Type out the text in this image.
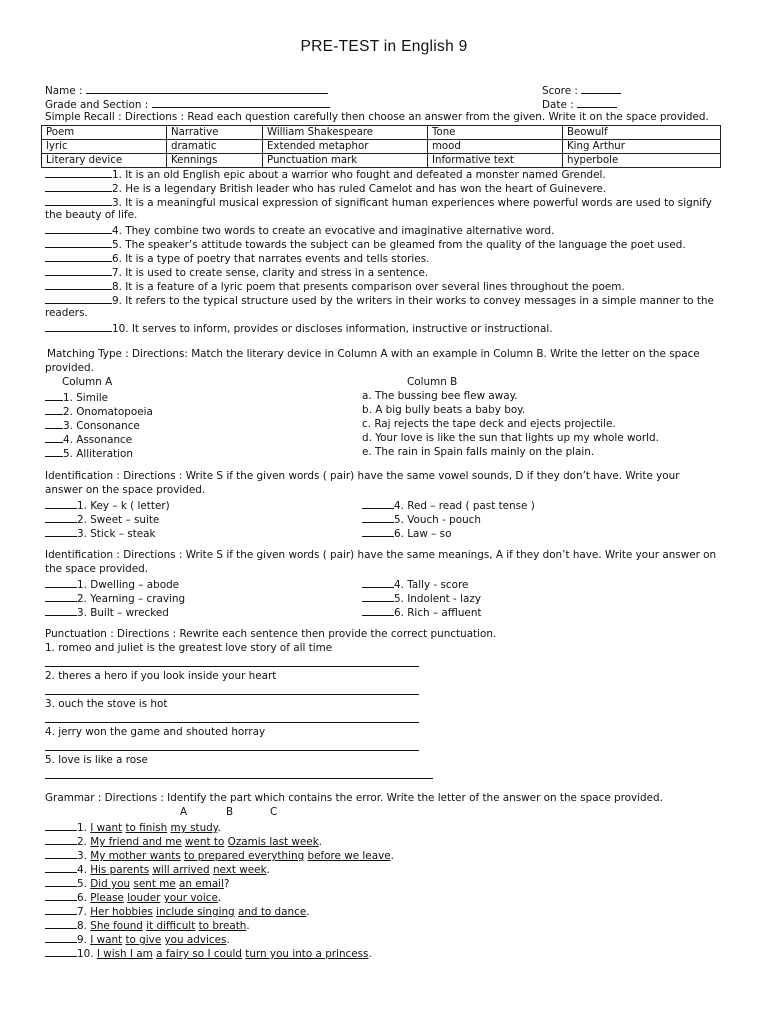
PRE-TEST in English 9
Name :
Grade and Section :
Score :
Date :
Simple Recall : Directions : Read each question carefully then choose an answer from the given. Write it on the space provided.
Poem	Narrative	William Shakespeare	Tone	Beowulf
lyric	dramatic	Extended metaphor	mood	King Arthur
Literary device	Kennings	Punctuation mark	Informative text	hyperbole
1. It is an old English epic about a warrior who fought and defeated a monster named Grendel.
2. He is a legendary British leader who has ruled Camelot and has won the heart of Guinevere.
3. It is a meaningful musical expression of significant human experiences where powerful words are used to signify
the beauty of life.
4. They combine two words to create an evocative and imaginative alternative word.
5. The speaker’s attitude towards the subject can be gleamed from the quality of the language the poet used.
6. It is a type of poetry that narrates events and tells stories.
7. It is used to create sense, clarity and stress in a sentence.
8. It is a feature of a lyric poem that presents comparison over several lines throughout the poem.
9. It refers to the typical structure used by the writers in their works to convey messages in a simple manner to the
readers.
10. It serves to inform, provides or discloses information, instructive or instructional.
Matching Type : Directions: Match the literary device in Column A with an example in Column B. Write the letter on the space
provided.
Column A	Column B
1. Simile	a. The bussing bee flew away.
2. Onomatopoeia	b. A big bully beats a baby boy.
3. Consonance	c. Raj rejects the tape deck and ejects projectile.
4. Assonance	d. Your love is like the sun that lights up my whole world.
5. Alliteration	e. The rain in Spain falls mainly on the plain.
Identification : Directions : Write S if the given words ( pair) have the same vowel sounds, D if they don’t have. Write your
answer on the space provided.
1. Key – k ( letter)	4. Red – read ( past tense )
2. Sweet – suite	5. Vouch - pouch
3. Stick – steak	6. Law – so
Identification : Directions : Write S if the given words ( pair) have the same meanings, A if they don’t have. Write your answer on
the space provided.
1. Dwelling – abode	4. Tally - score
2. Yearning – craving	5. Indolent - lazy
3. Built – wrecked	6. Rich – affluent
Punctuation : Directions : Rewrite each sentence then provide the correct punctuation.
1. romeo and juliet is the greatest love story of all time
2. theres a hero if you look inside your heart
3. ouch the stove is hot
4. jerry won the game and shouted horray
5. love is like a rose
Grammar : Directions : Identify the part which contains the error. Write the letter of the answer on the space provided.
A	B	C
1. I want to finish my study.
2. My friend and me went to Ozamis last week.
3. My mother wants to prepared everything before we leave.
4. His parents will arrived next week.
5. Did you sent me an email?
6. Please louder your voice.
7. Her hobbies include singing and to dance.
8. She found it difficult to breath.
9. I want to give you advices.
10. I wish I am a fairy so I could turn you into a princess.
